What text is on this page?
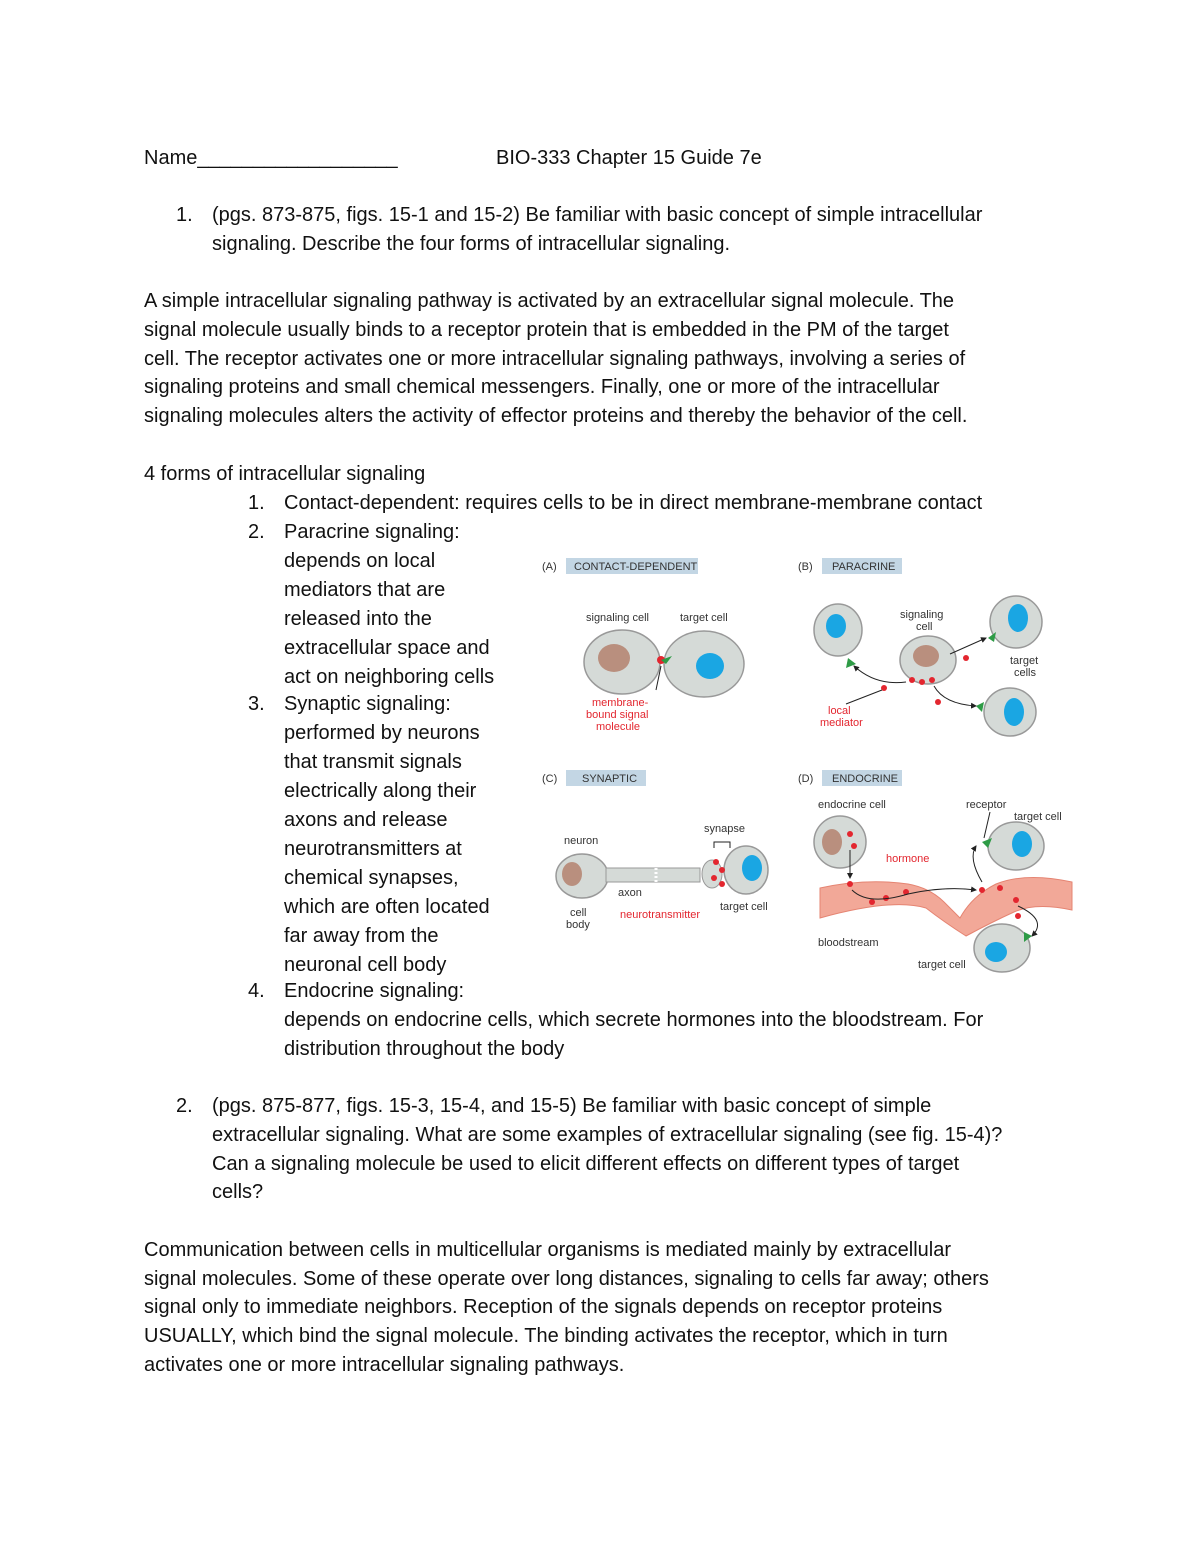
Name__________________	BIO-333 Chapter 15 Guide 7e
1. (pgs. 873-875, figs. 15-1 and 15-2) Be familiar with basic concept of simple intracellular
signaling. Describe the four forms of intracellular signaling.
A simple intracellular signaling pathway is activated by an extracellular signal molecule. The
signal molecule usually binds to a receptor protein that is embedded in the PM of the target
cell. The receptor activates one or more intracellular signaling pathways, involving a series of
signaling proteins and small chemical messengers. Finally, one or more of the intracellular
signaling molecules alters the activity of effector proteins and thereby the behavior of the cell.
4 forms of intracellular signaling
1. Contact-dependent: requires cells to be in direct membrane-membrane contact
2. Paracrine signaling:
depends on local
mediators that are
released into the
extracellular space and
act on neighboring cells
3. Synaptic signaling:
performed by neurons
that transmit signals
electrically along their
axons and release
neurotransmitters at
chemical synapses,
which are often located
far away from the
neuronal cell body
4. Endocrine signaling:
depends on endocrine cells, which secrete hormones into the bloodstream. For
distribution throughout the body
(A) CONTACT-DEPENDENT
signaling cell	target cell
membrane-
bound signal
molecule
(B) PARACRINE
signaling
cell
target
cells
local
mediator
(C) SYNAPTIC
neuron
synapse
axon
cell
body
neurotransmitter
target cell
(D) ENDOCRINE
endocrine cell
hormone
receptor
target cell
bloodstream
target cell
2. (pgs. 875-877, figs. 15-3, 15-4, and 15-5) Be familiar with basic concept of simple
extracellular signaling. What are some examples of extracellular signaling (see fig. 15-4)?
Can a signaling molecule be used to elicit different effects on different types of target
cells?
Communication between cells in multicellular organisms is mediated mainly by extracellular
signal molecules. Some of these operate over long distances, signaling to cells far away; others
signal only to immediate neighbors. Reception of the signals depends on receptor proteins
USUALLY, which bind the signal molecule. The binding activates the receptor, which in turn
activates one or more intracellular signaling pathways.
